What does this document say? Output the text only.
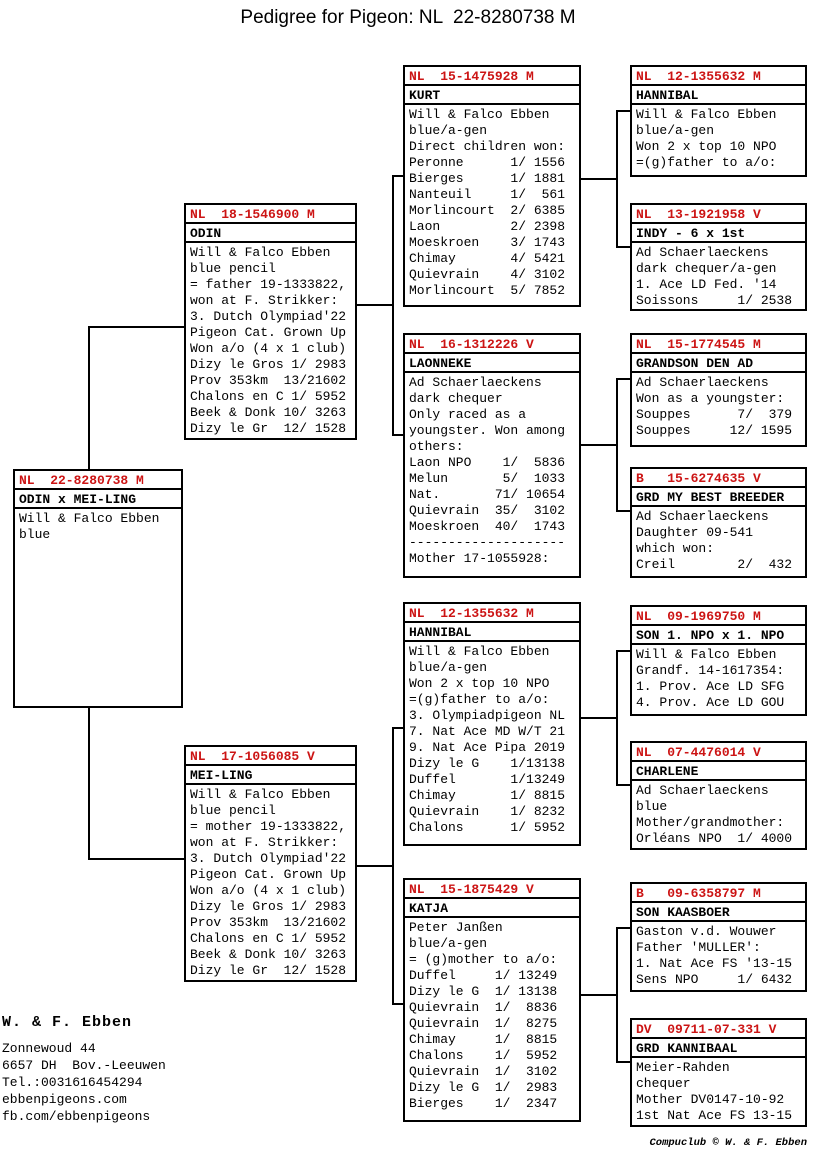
Pedigree for Pigeon: NL  22-8280738 M
NL  22-8280738 M
ODIN x MEI-LING
Will & Falco Ebben
blue
NL  18-1546900 M
ODIN
Will & Falco Ebben
blue pencil
= father 19-1333822,
won at F. Strikker:
3. Dutch Olympiad'22
Pigeon Cat. Grown Up
Won a/o (4 x 1 club)
Dizy le Gros 1/ 2983
Prov 353km  13/21602
Chalons en C 1/ 5952
Beek & Donk 10/ 3263
Dizy le Gr  12/ 1528
NL  17-1056085 V
MEI-LING
Will & Falco Ebben
blue pencil
= mother 19-1333822,
won at F. Strikker:
3. Dutch Olympiad'22
Pigeon Cat. Grown Up
Won a/o (4 x 1 club)
Dizy le Gros 1/ 2983
Prov 353km  13/21602
Chalons en C 1/ 5952
Beek & Donk 10/ 3263
Dizy le Gr  12/ 1528
NL  15-1475928 M
KURT
Will & Falco Ebben
blue/a-gen
Direct children won:
Peronne      1/ 1556
Bierges      1/ 1881
Nanteuil     1/  561
Morlincourt  2/ 6385
Laon         2/ 2398
Moeskroen    3/ 1743
Chimay       4/ 5421
Quievrain    4/ 3102
Morlincourt  5/ 7852
NL  16-1312226 V
LAONNEKE
Ad Schaerlaeckens
dark chequer
Only raced as a
youngster. Won among
others:
Laon NPO    1/  5836
Melun       5/  1033
Nat.       71/ 10654
Quievrain  35/  3102
Moeskroen  40/  1743
--------------------
Mother 17-1055928:
NL  12-1355632 M
HANNIBAL
Will & Falco Ebben
blue/a-gen
Won 2 x top 10 NPO
=(g)father to a/o:
3. Olympiadpigeon NL
7. Nat Ace MD W/T 21
9. Nat Ace Pipa 2019
Dizy le G    1/13138
Duffel       1/13249
Chimay       1/ 8815
Quievrain    1/ 8232
Chalons      1/ 5952
NL  15-1875429 V
KATJA
Peter Janßen
blue/a-gen
= (g)mother to a/o:
Duffel     1/ 13249
Dizy le G  1/ 13138
Quievrain  1/  8836
Quievrain  1/  8275
Chimay     1/  8815
Chalons    1/  5952
Quievrain  1/  3102
Dizy le G  1/  2983
Bierges    1/  2347
NL  12-1355632 M
HANNIBAL
Will & Falco Ebben
blue/a-gen
Won 2 x top 10 NPO
=(g)father to a/o:
NL  13-1921958 V
INDY - 6 x 1st
Ad Schaerlaeckens
dark chequer/a-gen
1. Ace LD Fed. '14
Soissons     1/ 2538
NL  15-1774545 M
GRANDSON DEN AD
Ad Schaerlaeckens
Won as a youngster:
Souppes      7/  379
Souppes     12/ 1595
B   15-6274635 V
GRD MY BEST BREEDER
Ad Schaerlaeckens
Daughter 09-541
which won:
Creil        2/  432
NL  09-1969750 M
SON 1. NPO x 1. NPO
Will & Falco Ebben
Grandf. 14-1617354:
1. Prov. Ace LD SFG
4. Prov. Ace LD GOU
NL  07-4476014 V
CHARLENE
Ad Schaerlaeckens
blue
Mother/grandmother:
Orléans NPO  1/ 4000
B   09-6358797 M
SON KAASBOER
Gaston v.d. Wouwer
Father 'MULLER':
1. Nat Ace FS '13-15
Sens NPO     1/ 6432
DV  09711-07-331 V
GRD KANNIBAAL
Meier-Rahden
chequer
Mother DV0147-10-92
1st Nat Ace FS 13-15
W. & F. Ebben
Zonnewoud 44
6657 DH  Bov.-Leeuwen
Tel.:0031616454294
ebbenpigeons.com
fb.com/ebbenpigeons
Compuclub © W. & F. Ebben
